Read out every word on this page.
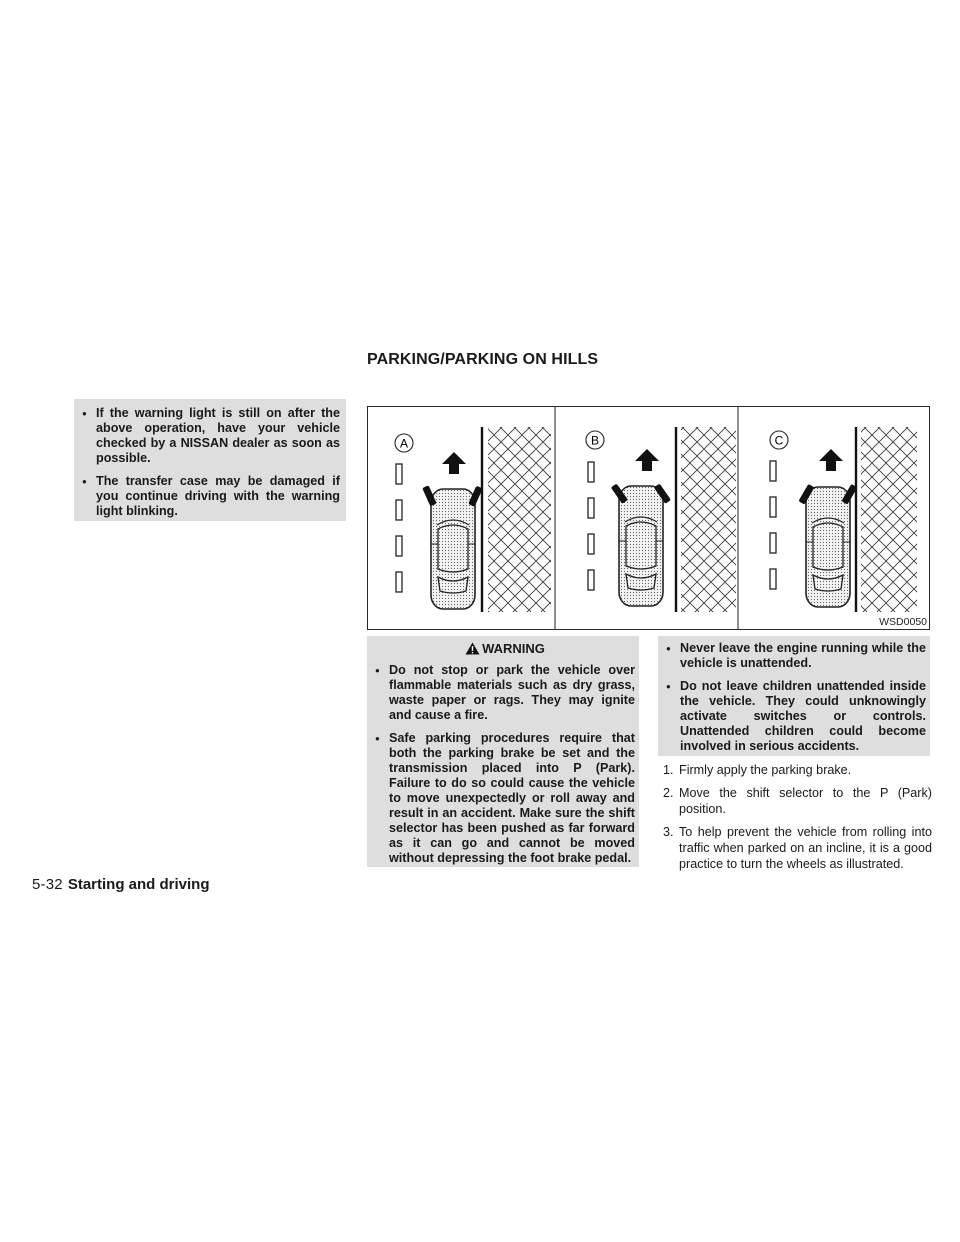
PARKING/PARKING ON HILLS
● If the warning light is still on after the above operation, have your vehicle checked by a NISSAN dealer as soon as possible.
● The transfer case may be damaged if you continue driving with the warning light blinking.
A	B	C
WSD0050
WARNING
● Do not stop or park the vehicle over flammable materials such as dry grass, waste paper or rags. They may ignite and cause a fire.
● Safe parking procedures require that both the parking brake be set and the transmission placed into P (Park). Failure to do so could cause the vehicle to move unexpectedly or roll away and result in an accident. Make sure the shift selector has been pushed as far forward as it can go and cannot be moved without depressing the foot brake pedal.
● Never leave the engine running while the vehicle is unattended.
● Do not leave children unattended inside the vehicle. They could unknowingly activate switches or controls. Unattended children could become involved in serious accidents.
1. Firmly apply the parking brake.
2. Move the shift selector to the P (Park) position.
3. To help prevent the vehicle from rolling into traffic when parked on an incline, it is a good practice to turn the wheels as illustrated.
5-32 Starting and driving
